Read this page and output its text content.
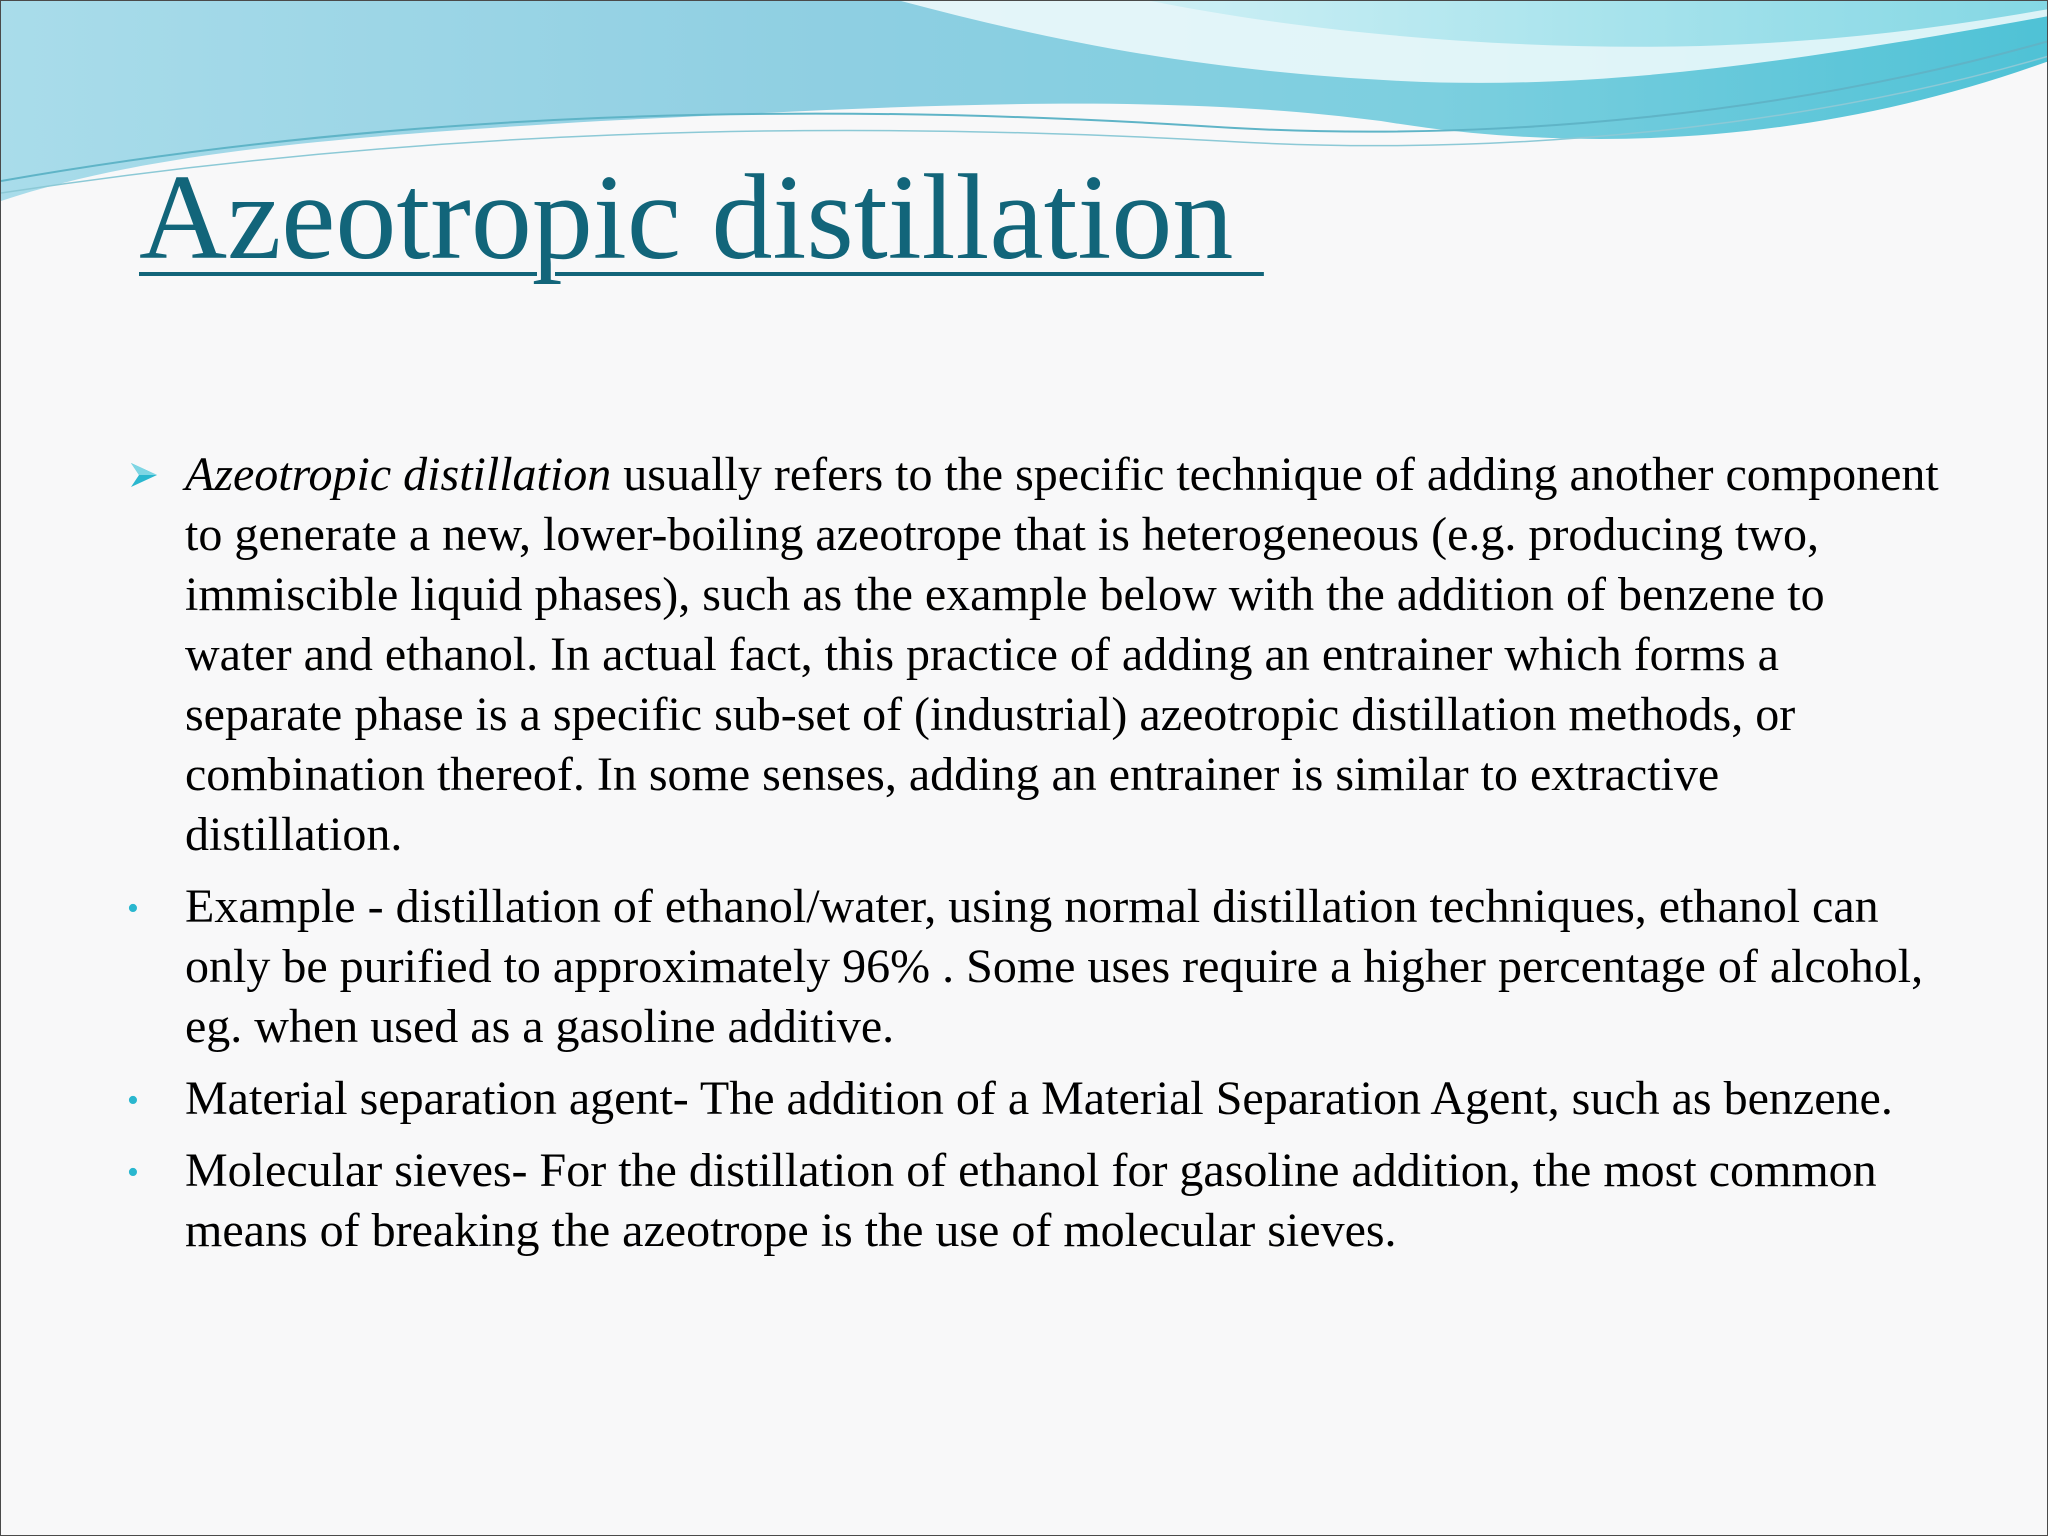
Azeotropic distillation
Azeotropic distillation usually refers to the specific technique of adding another component to generate a new, lower-boiling azeotrope that is heterogeneous (e.g. producing two, immiscible liquid phases), such as the example below with the addition of benzene to water and ethanol. In actual fact, this practice of adding an entrainer which forms a separate phase is a specific sub-set of (industrial) azeotropic distillation methods, or combination thereof. In some senses, adding an entrainer is similar to extractive distillation.
• Example - distillation of ethanol/water, using normal distillation techniques, ethanol can only be purified to approximately 96% . Some uses require a higher percentage of alcohol, eg. when used as a gasoline additive.
• Material separation agent- The addition of a Material Separation Agent, such as benzene.
• Molecular sieves- For the distillation of ethanol for gasoline addition, the most common means of breaking the azeotrope is the use of molecular sieves.
